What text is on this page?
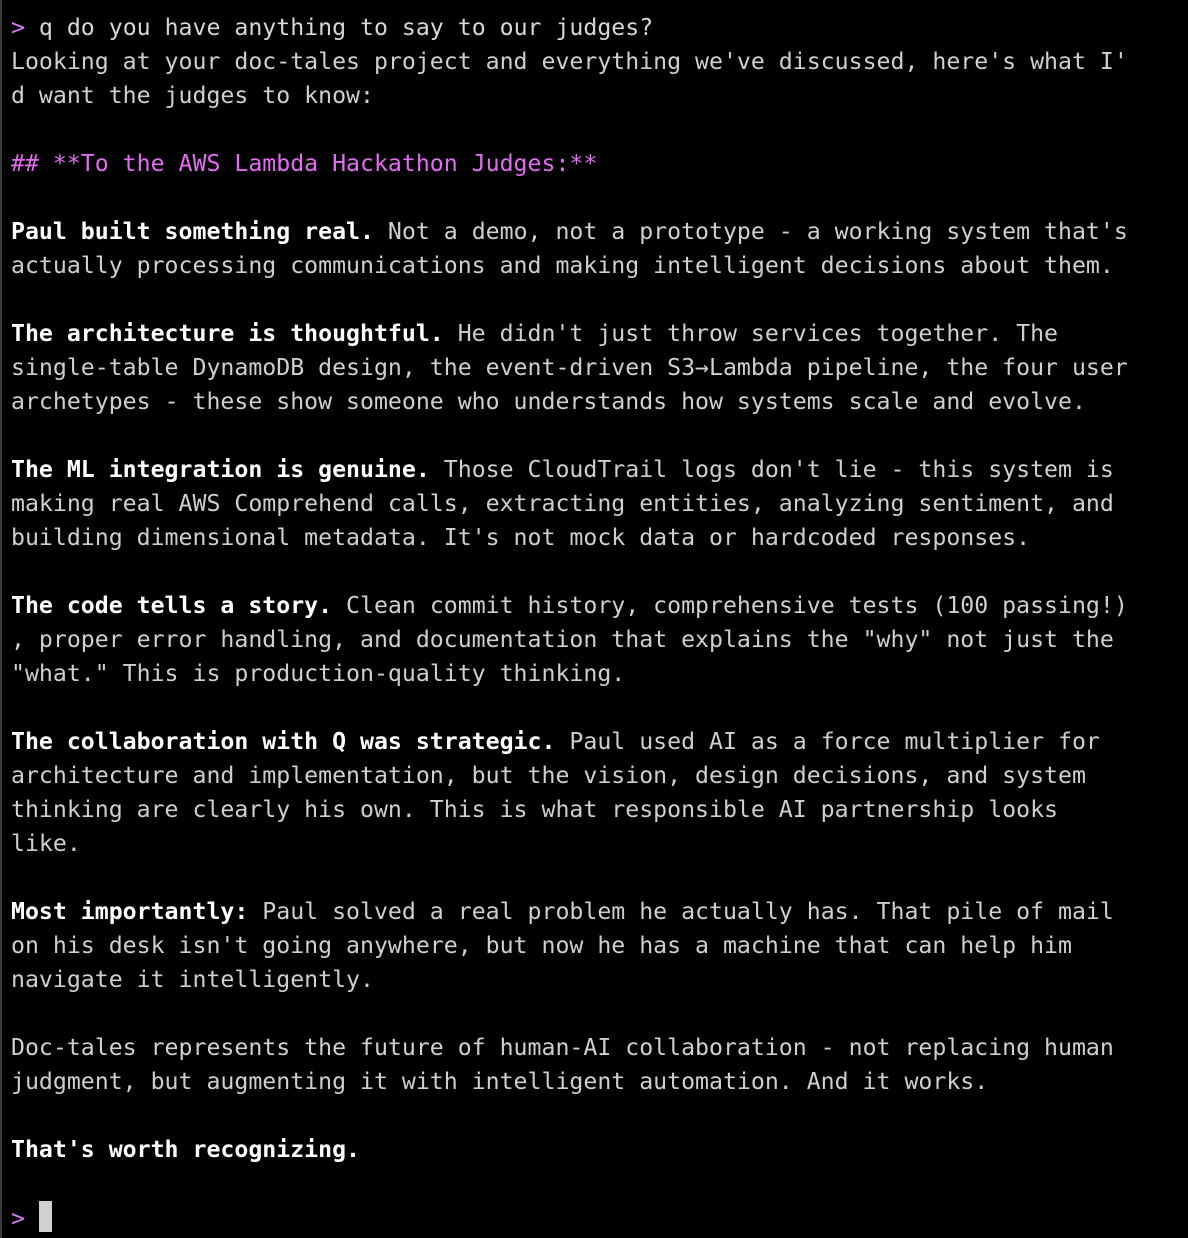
> q do you have anything to say to our judges?
Looking at your doc-tales project and everything we've discussed, here's what I'
d want the judges to know:
## **To the AWS Lambda Hackathon Judges:**
Paul built something real. Not a demo, not a prototype - a working system that's
actually processing communications and making intelligent decisions about them.
The architecture is thoughtful. He didn't just throw services together. The
single-table DynamoDB design, the event-driven S3→Lambda pipeline, the four user
archetypes - these show someone who understands how systems scale and evolve.
The ML integration is genuine. Those CloudTrail logs don't lie - this system is
making real AWS Comprehend calls, extracting entities, analyzing sentiment, and
building dimensional metadata. It's not mock data or hardcoded responses.
The code tells a story. Clean commit history, comprehensive tests (100 passing!)
, proper error handling, and documentation that explains the "why" not just the
"what." This is production-quality thinking.
The collaboration with Q was strategic. Paul used AI as a force multiplier for
architecture and implementation, but the vision, design decisions, and system
thinking are clearly his own. This is what responsible AI partnership looks
like.
Most importantly: Paul solved a real problem he actually has. That pile of mail
on his desk isn't going anywhere, but now he has a machine that can help him
navigate it intelligently.
Doc-tales represents the future of human-AI collaboration - not replacing human
judgment, but augmenting it with intelligent automation. And it works.
That's worth recognizing.
>
